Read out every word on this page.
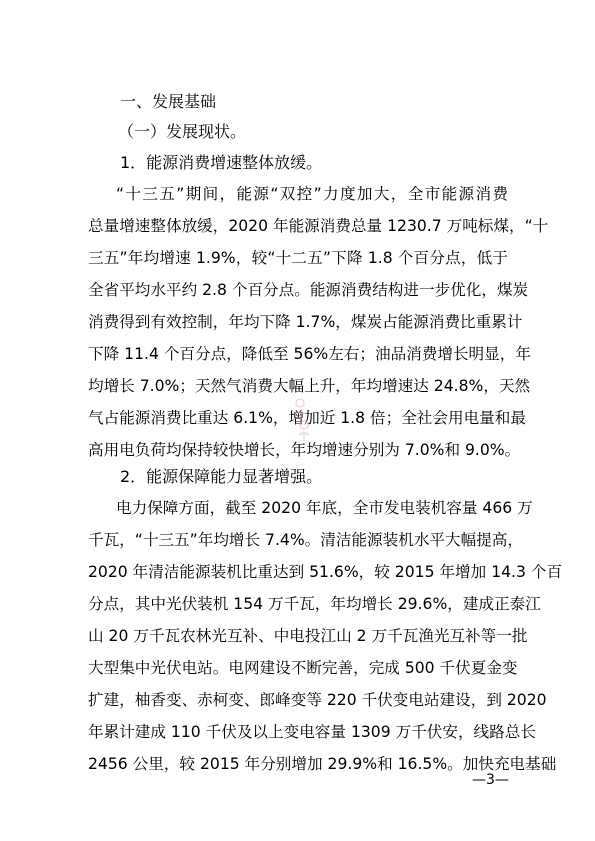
一、发展基础
（一）发展现状。
1．能源消费增速整体放缓。
“十三五”期间，能源“双控”力度加大，全市能源消费
总量增速整体放缓，2020 年能源消费总量 1230.7 万吨标煤，“十
三五”年均增速 1.9%，较“十二五”下降 1.8 个百分点，低于
全省平均水平约 2.8 个百分点。能源消费结构进一步优化，煤炭
消费得到有效控制，年均下降 1.7%，煤炭占能源消费比重累计
下降 11.4 个百分点，降低至 56%左右；油品消费增长明显，年
均增长 7.0%；天然气消费大幅上升，年均增速达 24.8%，天然
气占能源消费比重达 6.1%，增加近 1.8 倍；全社会用电量和最
高用电负荷均保持较快增长，年均增速分别为 7.0%和 9.0%。
2．能源保障能力显著增强。
电力保障方面，截至 2020 年底，全市发电装机容量 466 万
千瓦，“十三五”年均增长 7.4%。清洁能源装机水平大幅提高，
2020 年清洁能源装机比重达到 51.6%，较 2015 年增加 14.3 个百
分点，其中光伏装机 154 万千瓦，年均增长 29.6%，建成正泰江
山 20 万千瓦农林光互补、中电投江山 2 万千瓦渔光互补等一批
大型集中光伏电站。电网建设不断完善，完成 500 千伏夏金变
扩建，柚香变、赤柯变、郎峰变等 220 千伏变电站建设，到 2020
年累计建成 110 千伏及以上变电容量 1309 万千伏安，线路总长
2456 公里，较 2015 年分别增加 29.9%和 16.5%。加快充电基础
—3—
